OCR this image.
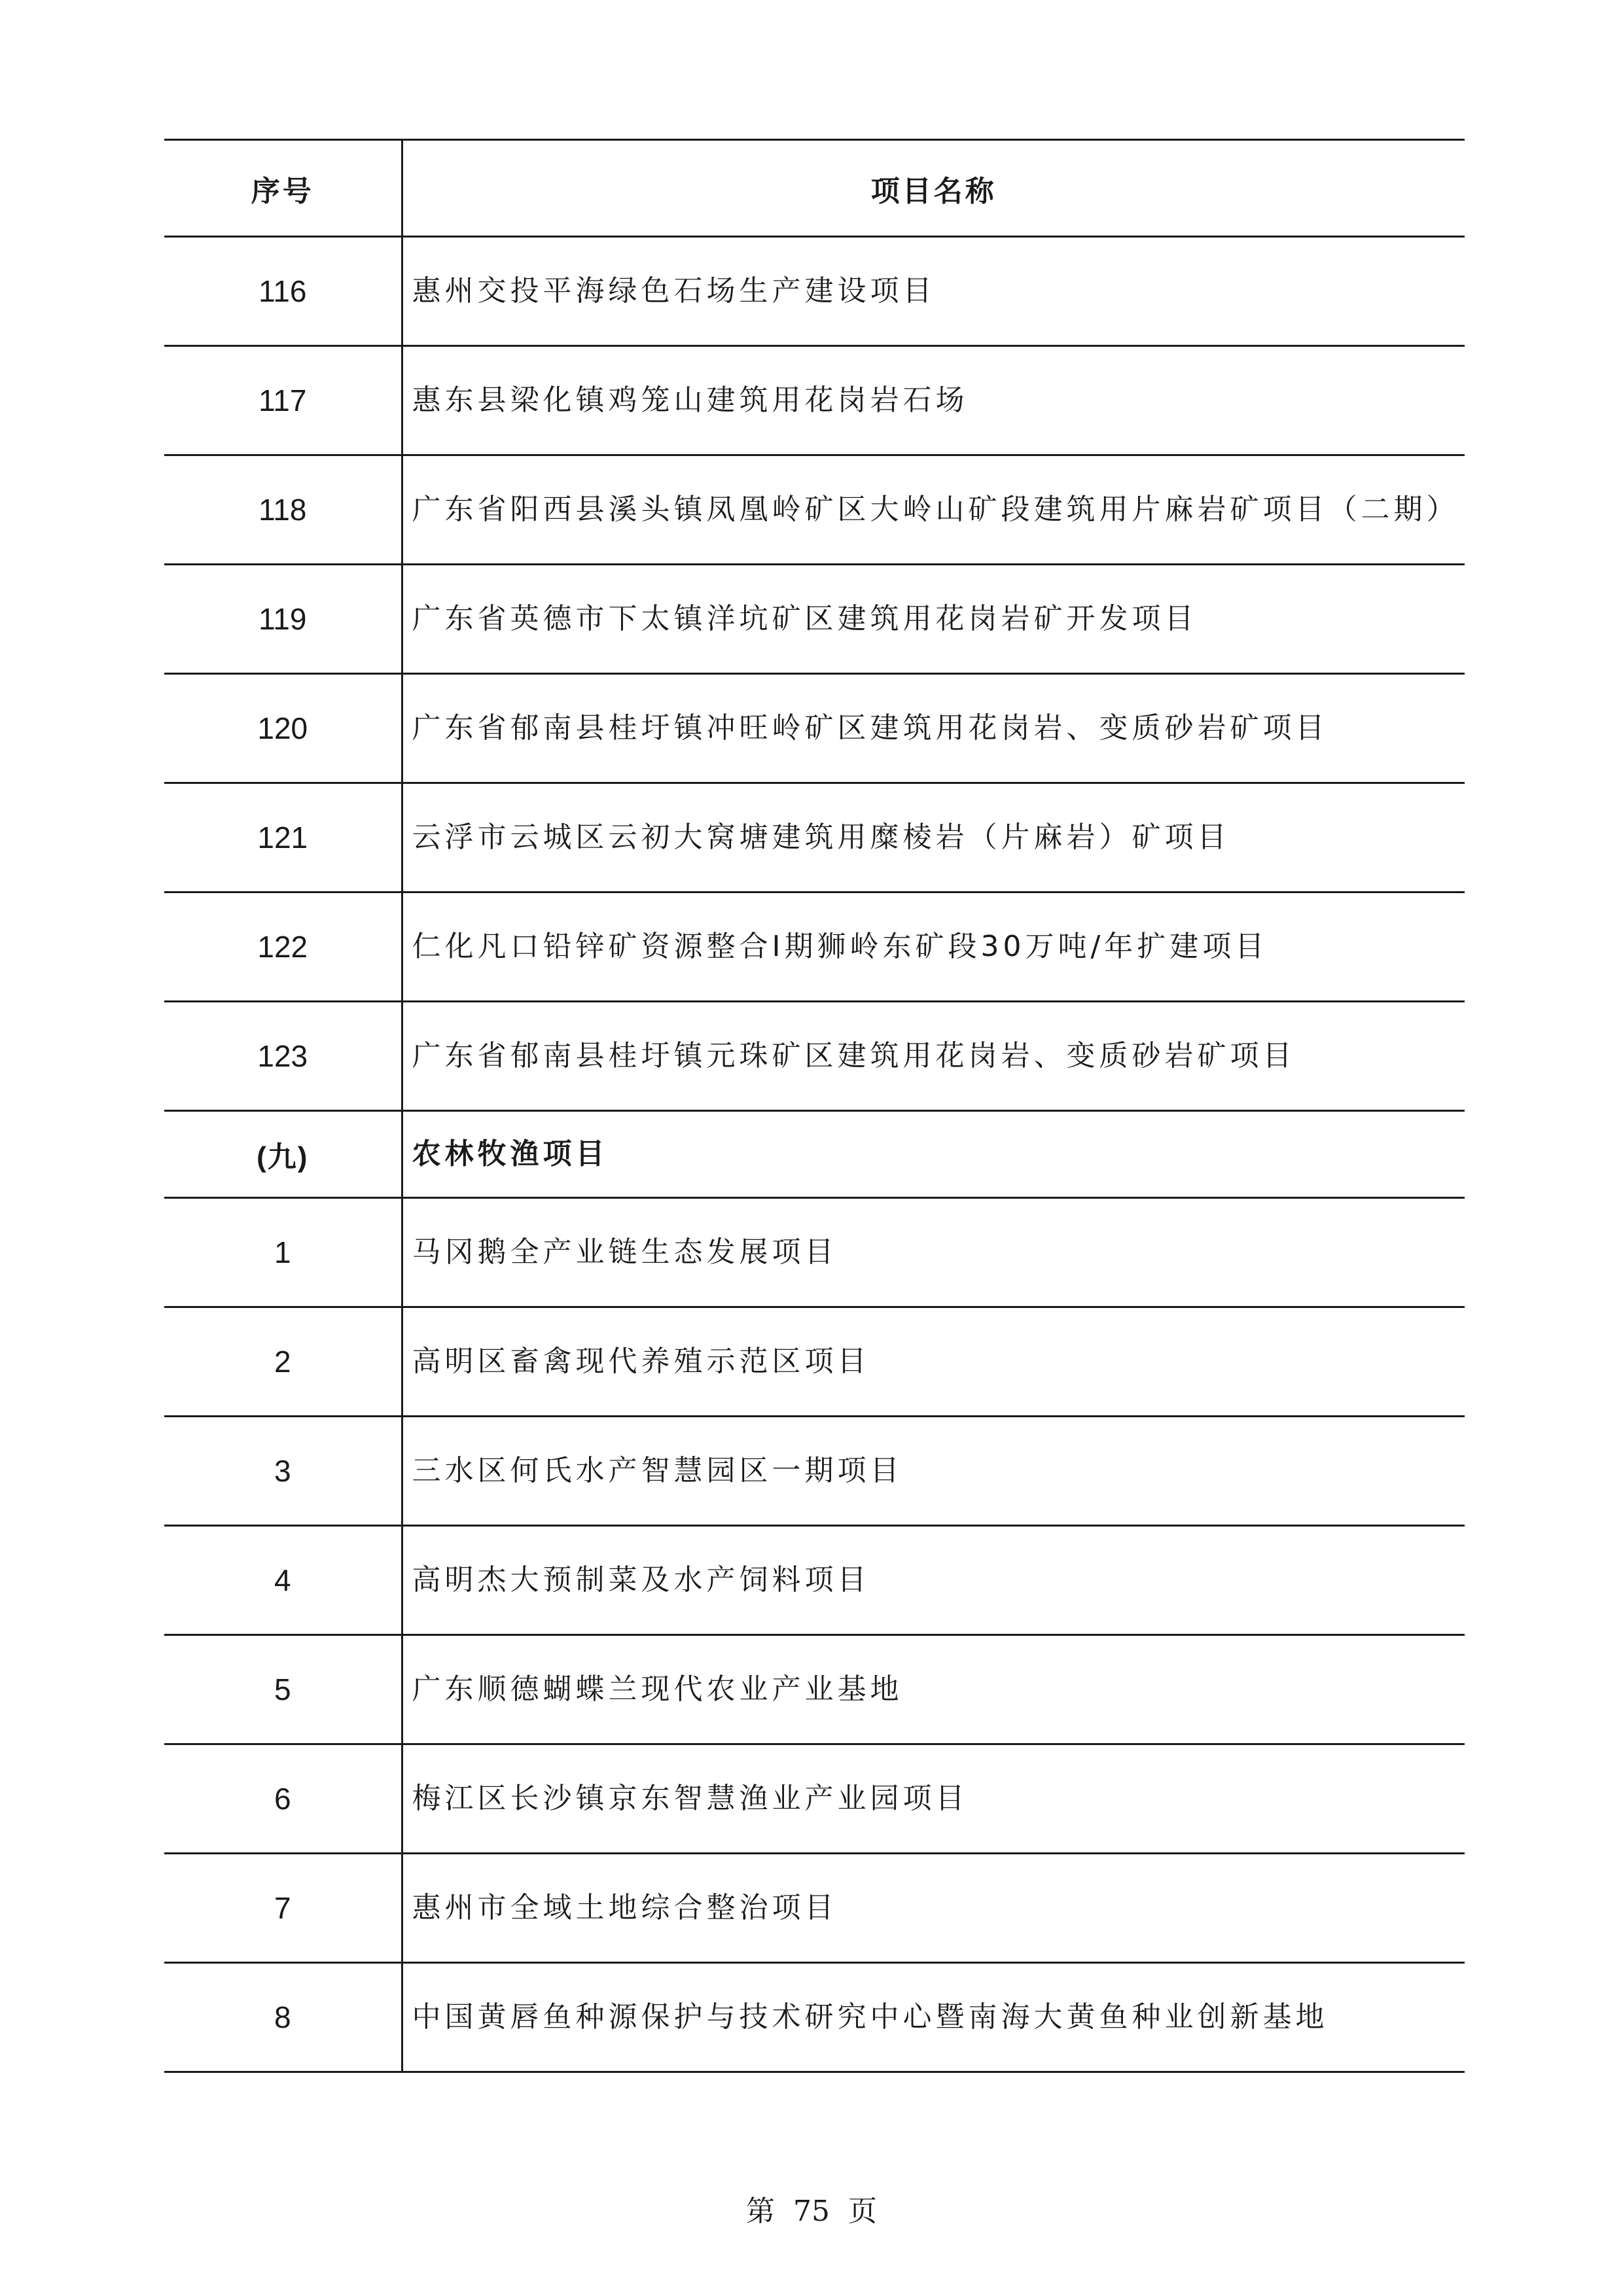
序号	项目名称
116	惠州交投平海绿色石场生产建设项目
117	惠东县梁化镇鸡笼山建筑用花岗岩石场
118	广东省阳西县溪头镇凤凰岭矿区大岭山矿段建筑用片麻岩矿项目（二期）
119	广东省英德市下太镇洋坑矿区建筑用花岗岩矿开发项目
120	广东省郁南县桂圩镇冲旺岭矿区建筑用花岗岩、变质砂岩矿项目
121	云浮市云城区云初大窝塘建筑用糜棱岩（片麻岩）矿项目
122	仁化凡口铅锌矿资源整合I期狮岭东矿段30万吨/年扩建项目
123	广东省郁南县桂圩镇元珠矿区建筑用花岗岩、变质砂岩矿项目
(九)	农林牧渔项目
1	马冈鹅全产业链生态发展项目
2	高明区畜禽现代养殖示范区项目
3	三水区何氏水产智慧园区一期项目
4	高明杰大预制菜及水产饲料项目
5	广东顺德蝴蝶兰现代农业产业基地
6	梅江区长沙镇京东智慧渔业产业园项目
7	惠州市全域土地综合整治项目
8	中国黄唇鱼种源保护与技术研究中心暨南海大黄鱼种业创新基地
第 75 页
